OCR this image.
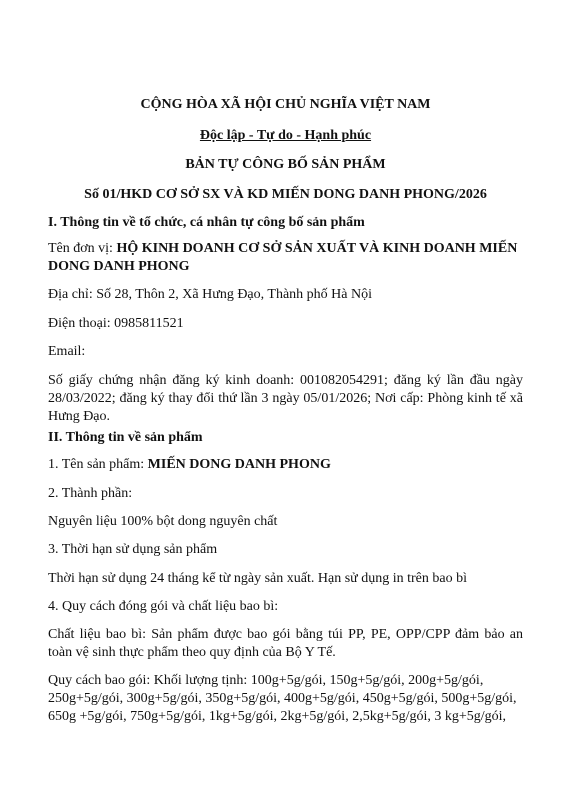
CỘNG HÒA XÃ HỘI CHỦ NGHĨA VIỆT NAM
Độc lập - Tự do - Hạnh phúc
BẢN TỰ CÔNG BỐ SẢN PHẨM
Số 01/HKD CƠ SỞ SX VÀ KD MIẾN DONG DANH PHONG/2026
I. Thông tin về tổ chức, cá nhân tự công bố sản phẩm
Tên đơn vị: HỘ KINH DOANH CƠ SỞ SẢN XUẤT VÀ KINH DOANH MIẾN
DONG DANH PHONG
Địa chỉ: Số 28, Thôn 2, Xã Hưng Đạo, Thành phố Hà Nội
Điện thoại: 0985811521
Email:
Số giấy chứng nhận đăng ký kinh doanh: 001082054291; đăng ký lần đầu ngày 28/03/2022; đăng ký thay đổi thứ lần 3 ngày 05/01/2026; Nơi cấp: Phòng kinh tế xã Hưng Đạo.
II. Thông tin về sản phẩm
1. Tên sản phẩm: MIẾN DONG DANH PHONG
2. Thành phần:
Nguyên liệu 100% bột dong nguyên chất
3. Thời hạn sử dụng sản phẩm
Thời hạn sử dụng 24 tháng kể từ ngày sản xuất. Hạn sử dụng in trên bao bì
4. Quy cách đóng gói và chất liệu bao bì:
Chất liệu bao bì: Sản phẩm được bao gói bằng túi PP, PE, OPP/CPP đảm bảo an toàn vệ sinh thực phẩm theo quy định của Bộ Y Tế.
Quy cách bao gói: Khối lượng tịnh: 100g+5g/gói, 150g+5g/gói, 200g+5g/gói,
250g+5g/gói, 300g+5g/gói, 350g+5g/gói, 400g+5g/gói, 450g+5g/gói, 500g+5g/gói,
650g +5g/gói, 750g+5g/gói, 1kg+5g/gói, 2kg+5g/gói, 2,5kg+5g/gói, 3 kg+5g/gói,
